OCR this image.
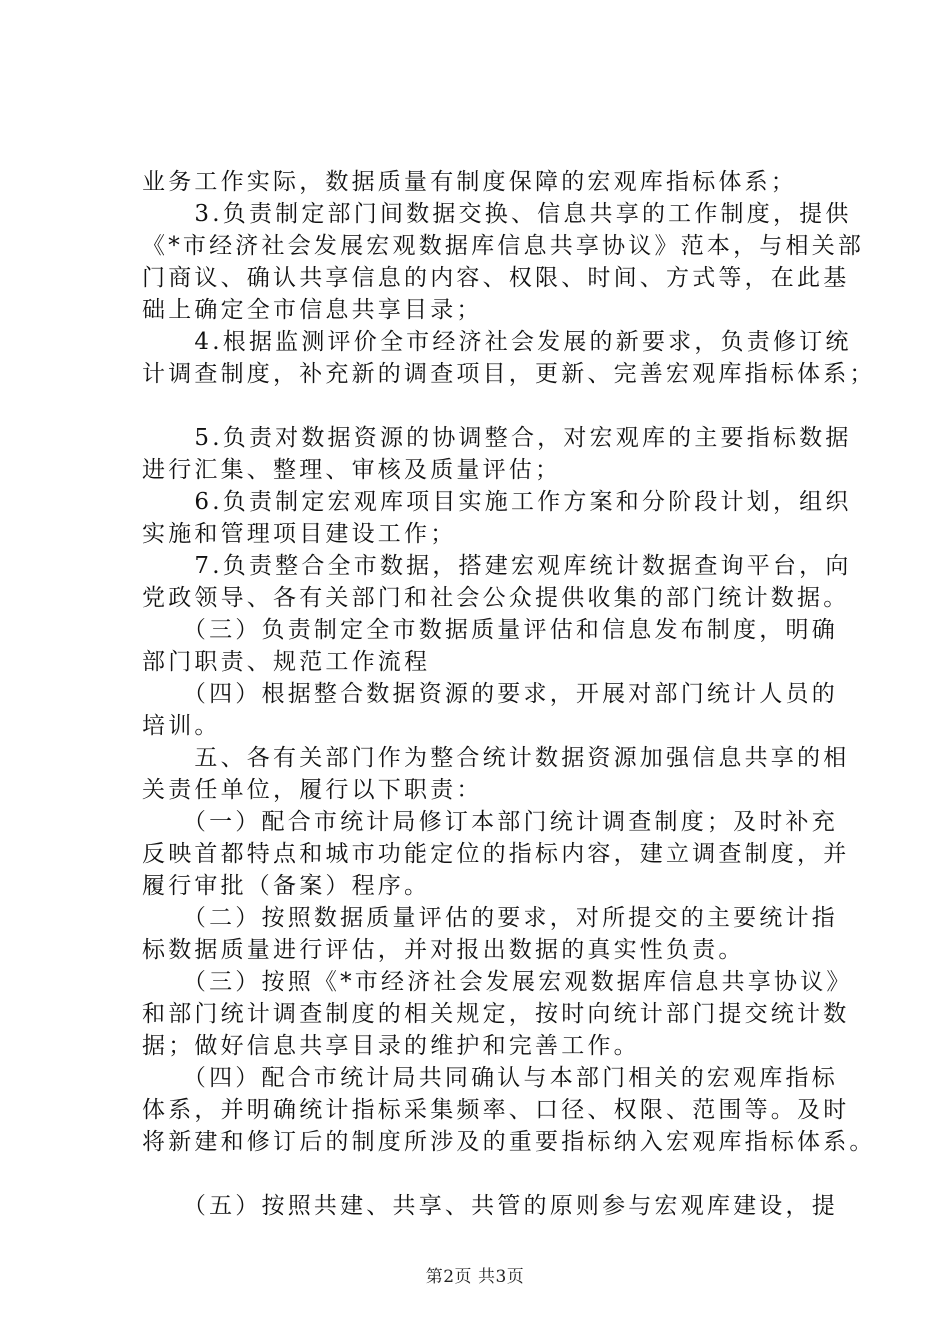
业务工作实际，数据质量有制度保障的宏观库指标体系；
　　3.负责制定部门间数据交换、信息共享的工作制度，提供
《*市经济社会发展宏观数据库信息共享协议》范本，与相关部
门商议、确认共享信息的内容、权限、时间、方式等，在此基
础上确定全市信息共享目录；
　　4.根据监测评价全市经济社会发展的新要求，负责修订统
计调查制度，补充新的调查项目，更新、完善宏观库指标体系；
　　5.负责对数据资源的协调整合，对宏观库的主要指标数据
进行汇集、整理、审核及质量评估；
　　6.负责制定宏观库项目实施工作方案和分阶段计划，组织
实施和管理项目建设工作；
　　7.负责整合全市数据，搭建宏观库统计数据查询平台，向
党政领导、各有关部门和社会公众提供收集的部门统计数据。
　　（三）负责制定全市数据质量评估和信息发布制度，明确
部门职责、规范工作流程
　　（四）根据整合数据资源的要求，开展对部门统计人员的
培训。
　　五、各有关部门作为整合统计数据资源加强信息共享的相
关责任单位，履行以下职责：
　　（一）配合市统计局修订本部门统计调查制度；及时补充
反映首都特点和城市功能定位的指标内容，建立调查制度，并
履行审批（备案）程序。
　　（二）按照数据质量评估的要求，对所提交的主要统计指
标数据质量进行评估，并对报出数据的真实性负责。
　　（三）按照《*市经济社会发展宏观数据库信息共享协议》
和部门统计调查制度的相关规定，按时向统计部门提交统计数
据；做好信息共享目录的维护和完善工作。
　　（四）配合市统计局共同确认与本部门相关的宏观库指标
体系，并明确统计指标采集频率、口径、权限、范围等。及时
将新建和修订后的制度所涉及的重要指标纳入宏观库指标体系。
　　（五）按照共建、共享、共管的原则参与宏观库建设，提
第2页 共3页
